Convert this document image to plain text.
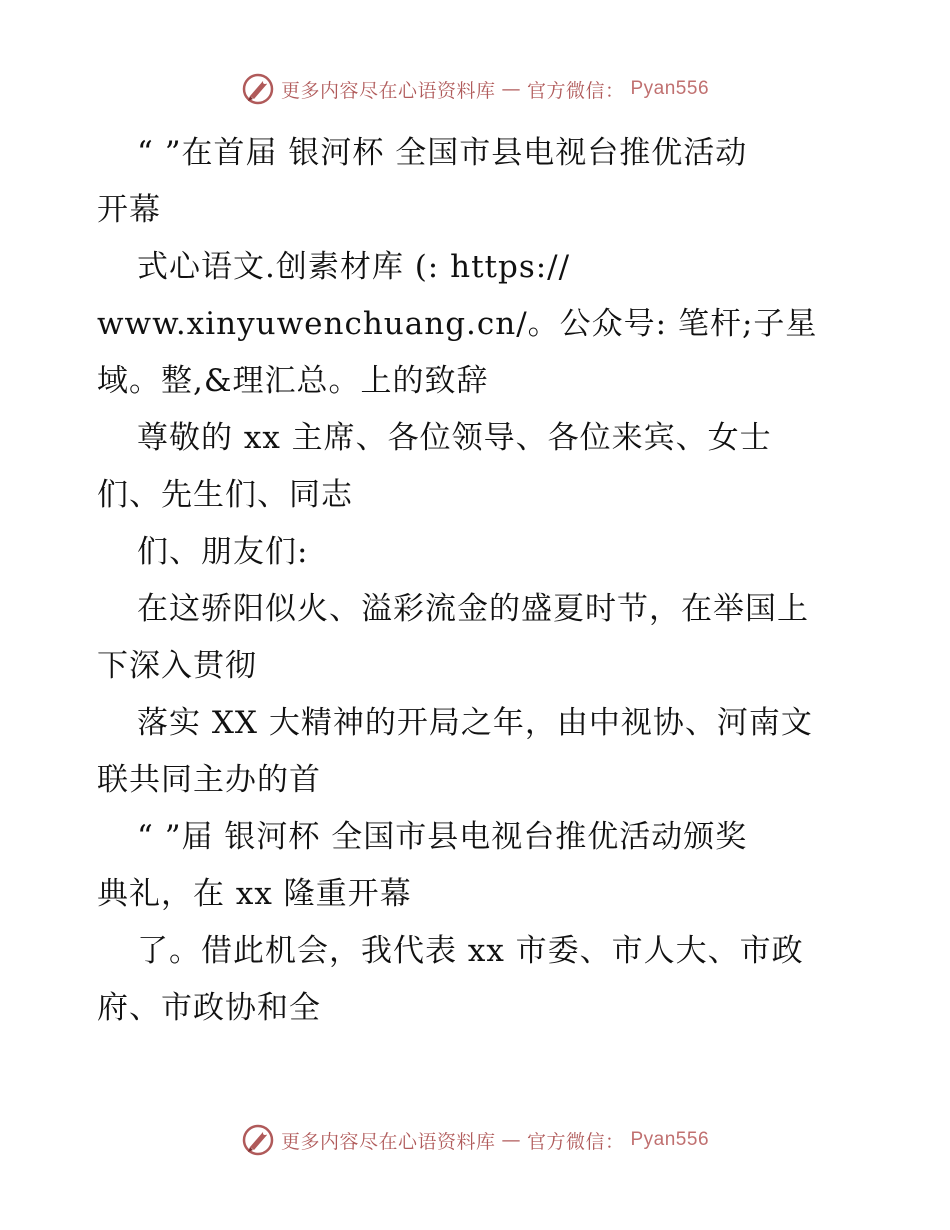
更多内容尽在心语资料库 — 官方微信： Pyan556
“ ”在首届 银河杯 全国市县电视台推优活动
开幕
式心语文.创素材库 (: https://
www.xinyuwenchuang.cn/。公众号: 笔杆;子星
域。整,&理汇总。上的致辞
尊敬的 xx 主席、各位领导、各位来宾、女士
们、先生们、同志
们、朋友们:
在这骄阳似火、溢彩流金的盛夏时节，在举国上
下深入贯彻
落实 XX 大精神的开局之年，由中视协、河南文
联共同主办的首
“ ”届 银河杯 全国市县电视台推优活动颁奖
典礼，在 xx 隆重开幕
了。借此机会，我代表 xx 市委、市人大、市政
府、市政协和全
更多内容尽在心语资料库 — 官方微信： Pyan556
